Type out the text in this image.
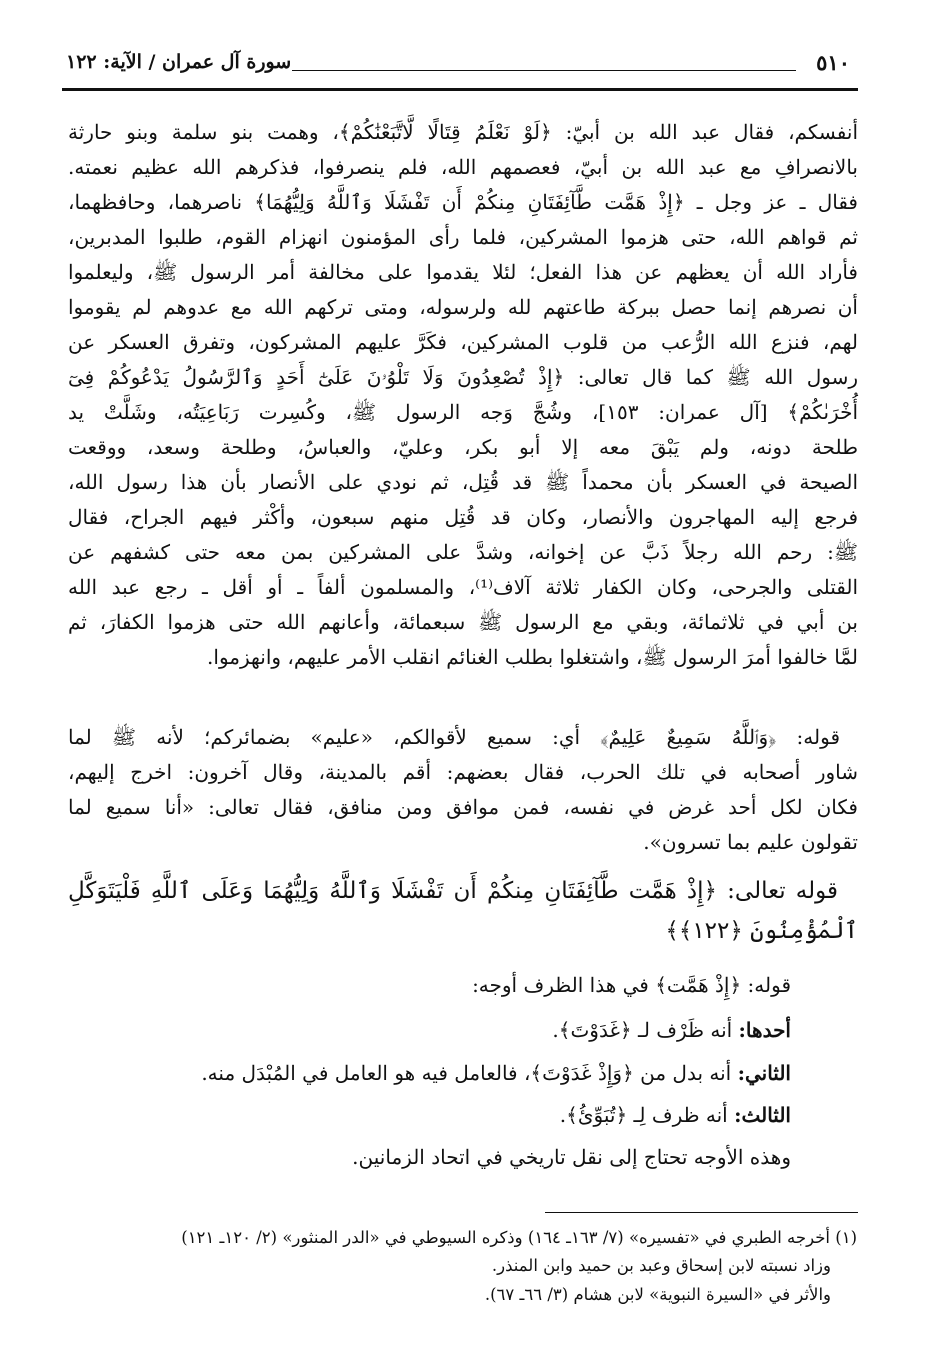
٥١٠
سورة آل عمران / الآية: ١٢٢
أنفسكم، فقال عبد الله بن أبيّ: ﴿لَوْ نَعْلَمُ قِتَالًا لَّاتَّبَعْنَٰكُمْ﴾، وهمت بنو سلمة وبنو حارثة
بالانصرافِ مع عبد الله بن أبيّ، فعصمهم الله، فلم ينصرفوا، فذكرهم الله عظيم نعمته.
فقال ـ عز وجل ـ ﴿إِذْ هَمَّت طَّآئِفَتَانِ مِنكُمْ أَن تَفْشَلَا وَٱللَّهُ وَلِيُّهُمَا﴾ ناصرهما، وحافظهما،
ثم قواهم الله، حتى هزموا المشركين، فلما رأى المؤمنون انهزام القوم، طلبوا المدبرين،
فأراد الله أن يعظهم عن هذا الفعل؛ لئلا يقدموا على مخالفة أمر الرسول ﷺ، وليعلموا
أن نصرهم إنما حصل ببركة طاعتهم لله ولرسوله، ومتى تركهم الله مع عدوهم لم يقوموا
لهم، فنزع الله الرُّعب من قلوب المشركين، فكَرَّ عليهم المشركون، وتفرق العسكر عن
رسول الله ﷺ كما قال تعالى: ﴿إِذْ تُصْعِدُونَ وَلَا تَلْوُۥنَ عَلَىٰٓ أَحَدٍ وَٱلرَّسُولُ يَدْعُوكُمْ فِىٓ
أُخْرَىٰكُمْ﴾ [آل عمران: ١٥٣]، وشُجَّ وَجه الرسول ﷺ، وكُسِرت رَبَاعِيَتُه، وشَلَّتْ يد
طلحة دونه، ولم يَبْقَ معه إلا أبو بكر، وعليّ، والعباسُ، وطلحة وسعد، ووقعت
الصيحة في العسكر بأن محمداً ﷺ قد قُتِل، ثم نودي على الأنصار بأن هذا رسول الله،
فرجع إليه المهاجرون والأنصار، وكان قد قُتِل منهم سبعون، وأكْثر فيهم الجراح، فقال
ﷺ: رحم الله رجلاً ذَبَّ عن إخوانه، وشدَّ على المشركين بمن معه حتى كشفهم عن
القتلى والجرحى، وكان الكفار ثلاثة آلاف⁽¹⁾، والمسلمون ألفاً ـ أو أقل ـ رجع عبد الله
بن أبي في ثلاثمائة، وبقي مع الرسول ﷺ سبعمائة، وأعانهم الله حتى هزموا الكفارَ، ثم
لمَّا خالفوا أمرَ الرسول ﷺ، واشتغلوا بطلب الغنائم انقلب الأمر عليهم، وانهزموا.
قوله: ﴿وَٱللَّهُ سَمِيعٌ عَلِيمٌ﴾ أي: سميع لأقوالكم، «عليم» بضمائركم؛ لأنه ﷺ لما
شاور أصحابه في تلك الحرب، فقال بعضهم: أقم بالمدينة، وقال آخرون: اخرج إليهم،
فكان لكل أحد غرض في نفسه، فمن موافق ومن منافق، فقال تعالى: «أنا سميع لما
تقولون عليم بما تسرون».
قوله تعالى: ﴿إِذْ هَمَّت طَّآئِفَتَانِ مِنكُمْ أَن تَفْشَلَا وَٱللَّهُ وَلِيُّهُمَا وَعَلَى ٱللَّهِ فَلْيَتَوَكَّلِ
ٱلْمُؤْمِنُونَ ﴿١٢٢﴾﴾
قوله: ﴿إِذْ هَمَّت﴾ في هذا الظرف أوجه:
أحدها: أنه ظَرْف لـ ﴿غَدَوْتَ﴾.
الثاني: أنه بدل من ﴿وَإِذْ غَدَوْتَ﴾، فالعامل فيه هو العامل في المُبْدَل منه.
الثالث: أنه ظرف لِـ ﴿تُبَوِّئُ﴾.
وهذه الأوجه تحتاج إلى نقل تاريخي في اتحاد الزمانين.
(١) أخرجه الطبري في «تفسيره» (٧/ ١٦٣ـ ١٦٤) وذكره السيوطي في «الدر المنثور» (٢/ ١٢٠ـ ١٢١)
وزاد نسبته لابن إسحاق وعبد بن حميد وابن المنذر.
والأثر في «السيرة النبوية» لابن هشام (٣/ ٦٦ـ ٦٧).
